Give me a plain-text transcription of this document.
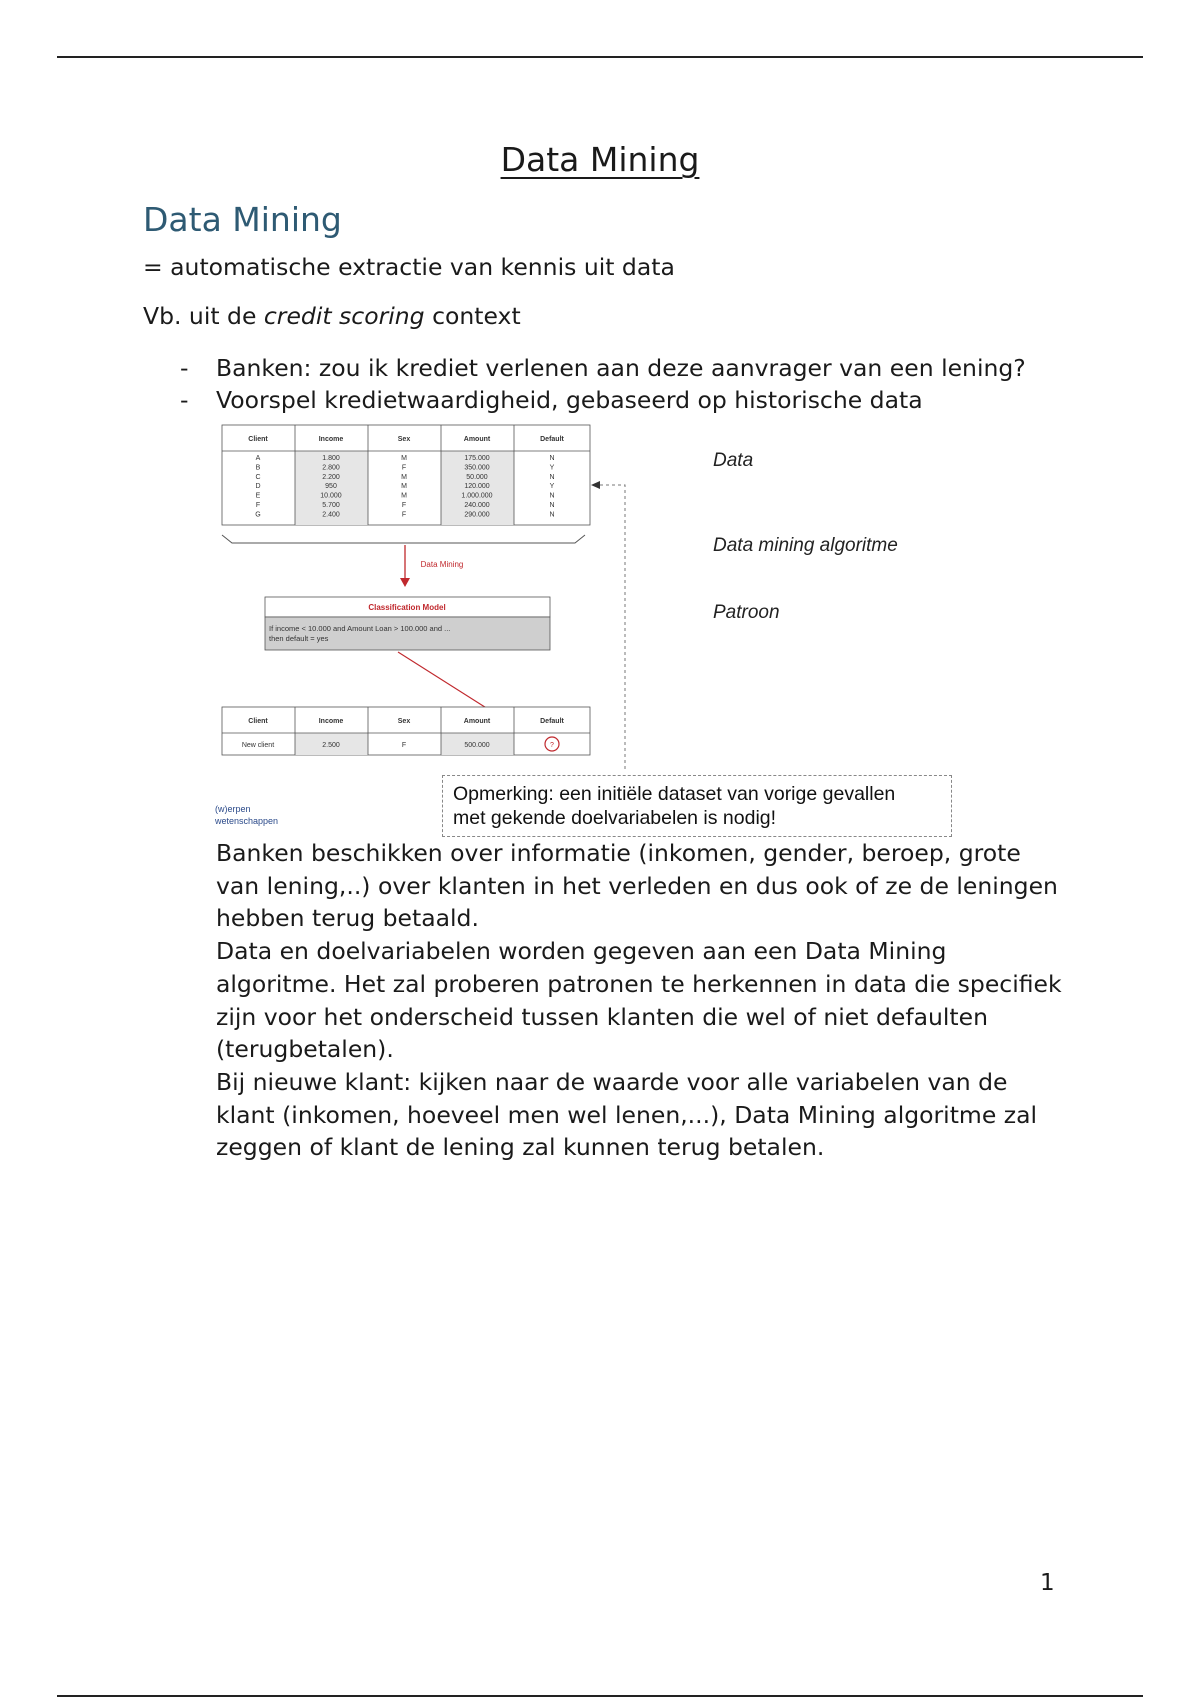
Data Mining
Data Mining
= automatische extractie van kennis uit data
Vb. uit de credit scoring context
- Banken: zou ik krediet verlenen aan deze aanvrager van een lening?
- Voorspel kredietwaardigheid, gebaseerd op historische data
Client	Income	Sex	Amount	Default
A	1.800	M	175.000	N
B	2.800	F	350.000	Y
C	2.200	M	50.000	N
D	950	M	120.000	Y
E	10.000	M	1.000.000	N
F	5.700	F	240.000	N
G	2.400	F	290.000	N
Data Mining
Classification Model
If income < 10.000 and Amount Loan > 100.000 and ...
then default = yes
Client	Income	Sex	Amount	Default
New client	2.500	F	500.000	?
Data
Data mining algoritme
Patroon
(w)erpen
wetenschappen
Opmerking: een initiële dataset van vorige gevallen
met gekende doelvariabelen is nodig!

Banken beschikken over informatie (inkomen, gender, beroep, grote van lening,..) over klanten in het verleden en dus ook of ze de leningen hebben terug betaald.

Data en doelvariabelen worden gegeven aan een Data Mining algoritme. Het zal proberen patronen te herkennen in data die specifiek zijn voor het onderscheid tussen klanten die wel of niet defaulten (terugbetalen).

Bij nieuwe klant: kijken naar de waarde voor alle variabelen van de klant (inkomen, hoeveel men wel lenen,...), Data Mining algoritme zal zeggen of klant de lening zal kunnen terug betalen.

1
